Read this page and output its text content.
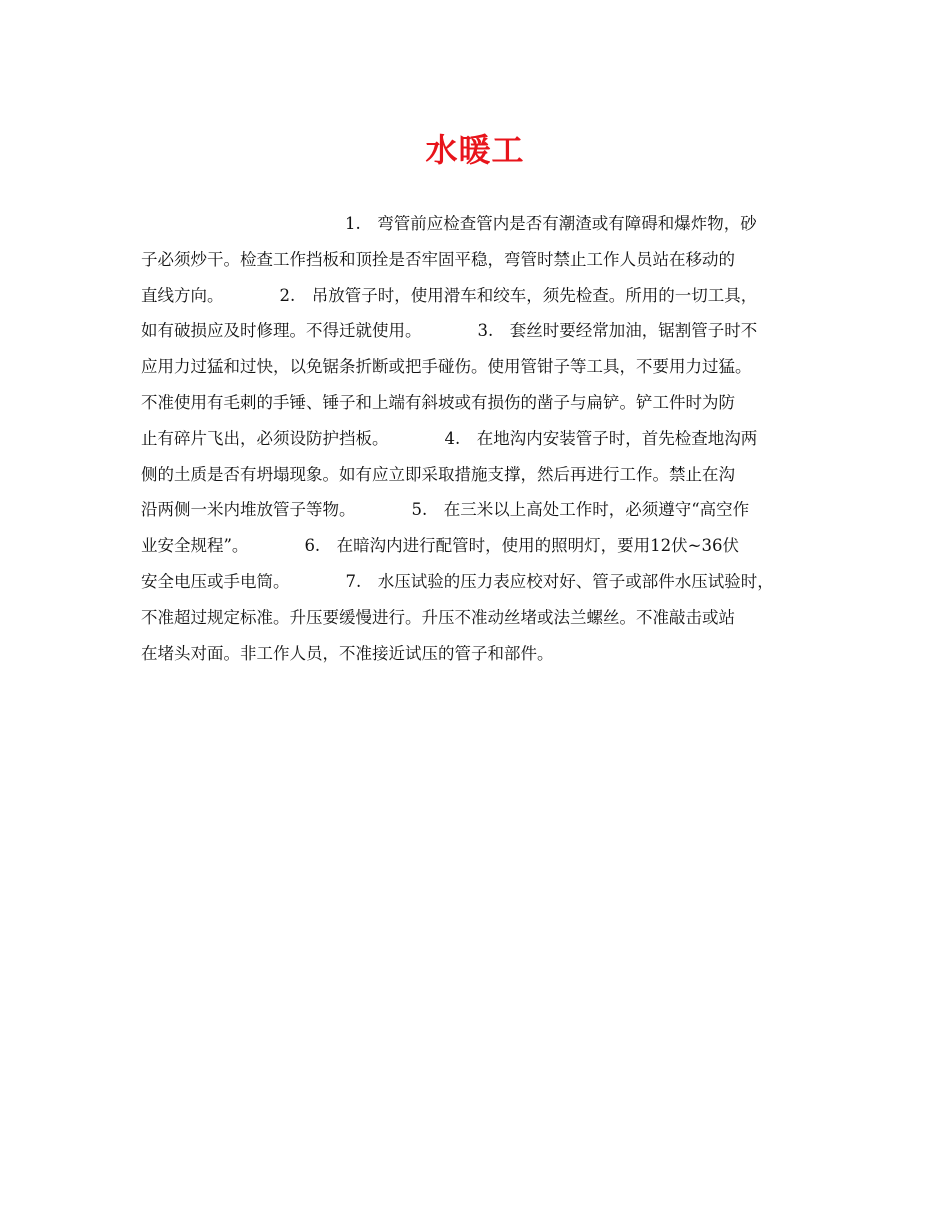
水暖工
1.　弯管前应检查管内是否有潮渣或有障碍和爆炸物，砂
子必须炒干。检查工作挡板和顶拴是否牢固平稳，弯管时禁止工作人员站在移动的
直线方向。	2.　吊放管子时，使用滑车和绞车，须先检查。所用的一切工具，
如有破损应及时修理。不得迁就使用。	3.　套丝时要经常加油，锯割管子时不
应用力过猛和过快，以免锯条折断或把手碰伤。使用管钳子等工具，不要用力过猛。
不准使用有毛刺的手锤、锤子和上端有斜坡或有损伤的凿子与扁铲。铲工件时为防
止有碎片飞出，必须设防护挡板。	4.　在地沟内安装管子时，首先检查地沟两
侧的土质是否有坍塌现象。如有应立即采取措施支撑，然后再进行工作。禁止在沟
沿两侧一米内堆放管子等物。	5.　在三米以上高处工作时，必须遵守“高空作
业安全规程”。	6.　在暗沟内进行配管时，使用的照明灯，要用12伏~36伏
安全电压或手电筒。	7.　水压试验的压力表应校对好、管子或部件水压试验时，
不准超过规定标准。升压要缓慢进行。升压不准动丝堵或法兰螺丝。不准敲击或站
在堵头对面。非工作人员，不准接近试压的管子和部件。
